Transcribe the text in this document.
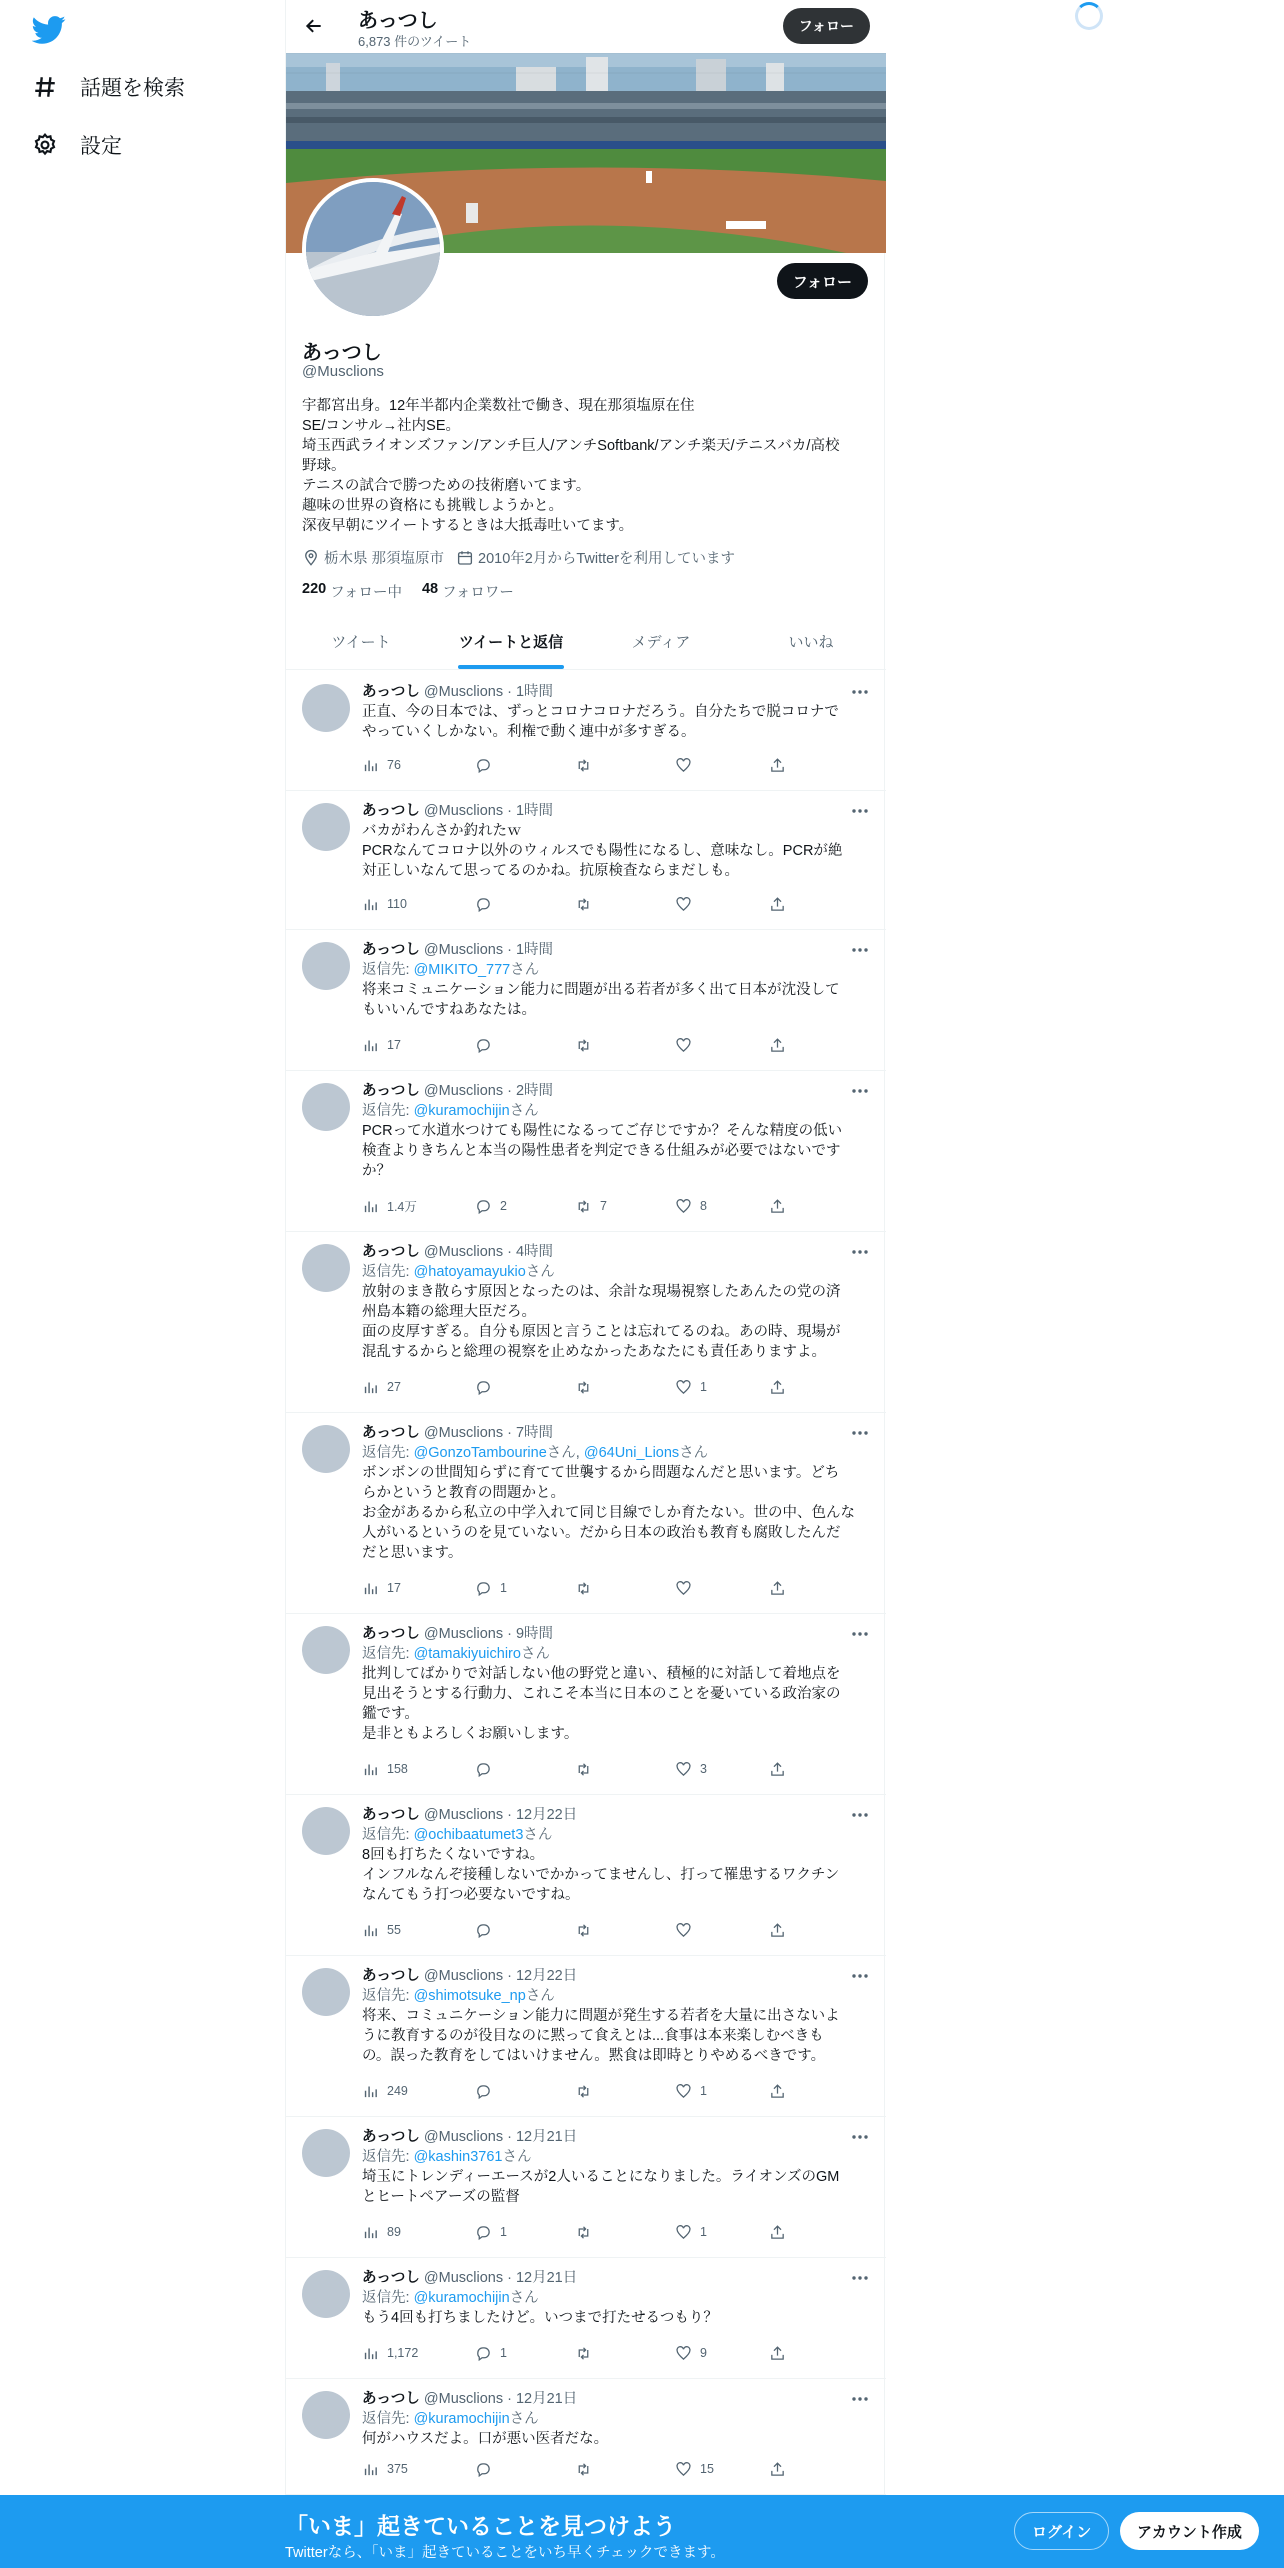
話題を検索
設定
あっつし
6,873 件のツイート
フォロー
フォロー
あっつし
@Musclions
宇都宮出身。12年半都内企業数社で働き、現在那須塩原在住
SE/コンサル→社内SE。
埼玉西武ライオンズファン/アンチ巨人/アンチSoftbank/アンチ楽天/テニスバカ/高校
野球。
テニスの試合で勝つための技術磨いてます。
趣味の世界の資格にも挑戦しようかと。
深夜早朝にツイートするときは大抵毒吐いてます。
栃木県 那須塩原市 2010年2月からTwitterを利用しています
220 フォロー中 48 フォロワー
ツイート	ツイートと返信	メディア	いいね
あっつし @Musclions · 1時間
正直、今の日本では、ずっとコロナコロナだろう。自分たちで脱コロナで
やっていくしかない。利権で動く連中が多すぎる。
76
あっつし @Musclions · 1時間
バカがわんさか釣れたｗ
PCRなんてコロナ以外のウィルスでも陽性になるし、意味なし。PCRが絶
対正しいなんて思ってるのかね。抗原検査ならまだしも。
110
あっつし @Musclions · 1時間
返信先: @MIKITO_777さん
将来コミュニケーション能力に問題が出る若者が多く出て日本が沈没して
もいいんですねあなたは。
17
あっつし @Musclions · 2時間
返信先: @kuramochijinさん
PCRって水道水つけても陽性になるってご存じですか？そんな精度の低い
検査よりきちんと本当の陽性患者を判定できる仕組みが必要ではないです
か？
1.4万	2	7	8
あっつし @Musclions · 4時間
返信先: @hatoyamayukioさん
放射のまき散らす原因となったのは、余計な現場視察したあんたの党の済
州島本籍の総理大臣だろ。
面の皮厚すぎる。自分も原因と言うことは忘れてるのね。あの時、現場が
混乱するからと総理の視察を止めなかったあなたにも責任ありますよ。
27	1
あっつし @Musclions · 7時間
返信先: @GonzoTambourineさん, @64Uni_Lionsさん
ボンボンの世間知らずに育てて世襲するから問題なんだと思います。どち
らかというと教育の問題かと。
お金があるから私立の中学入れて同じ目線でしか育たない。世の中、色んな
人がいるというのを見ていない。だから日本の政治も教育も腐敗したんだ
だと思います。
17	1
あっつし @Musclions · 9時間
返信先: @tamakiyuichiroさん
批判してばかりで対話しない他の野党と違い、積極的に対話して着地点を
見出そうとする行動力、これこそ本当に日本のことを憂いている政治家の
鑑です。
是非ともよろしくお願いします。
158	3
あっつし @Musclions · 12月22日
返信先: @ochibaatumet3さん
8回も打ちたくないですね。
インフルなんぞ接種しないでかかってませんし、打って罹患するワクチン
なんてもう打つ必要ないですね。
55
あっつし @Musclions · 12月22日
返信先: @shimotsuke_npさん
将来、コミュニケーション能力に問題が発生する若者を大量に出さないよ
うに教育するのが役目なのに黙って食えとは...食事は本来楽しむべきも
の。誤った教育をしてはいけません。黙食は即時とりやめるべきです。
249	1
あっつし @Musclions · 12月21日
返信先: @kashin3761さん
埼玉にトレンディーエースが2人いることになりました。ライオンズのGM
とヒートペアーズの監督
89	1	1
あっつし @Musclions · 12月21日
返信先: @kuramochijinさん
もう4回も打ちましたけど。いつまで打たせるつもり？
1,172	1	9
あっつし @Musclions · 12月21日
返信先: @kuramochijinさん
何がハウスだよ。口が悪い医者だな。
375	15
「いま」起きていることを見つけよう
Twitterなら、「いま」起きていることをいち早くチェックできます。
ログイン	アカウント作成
